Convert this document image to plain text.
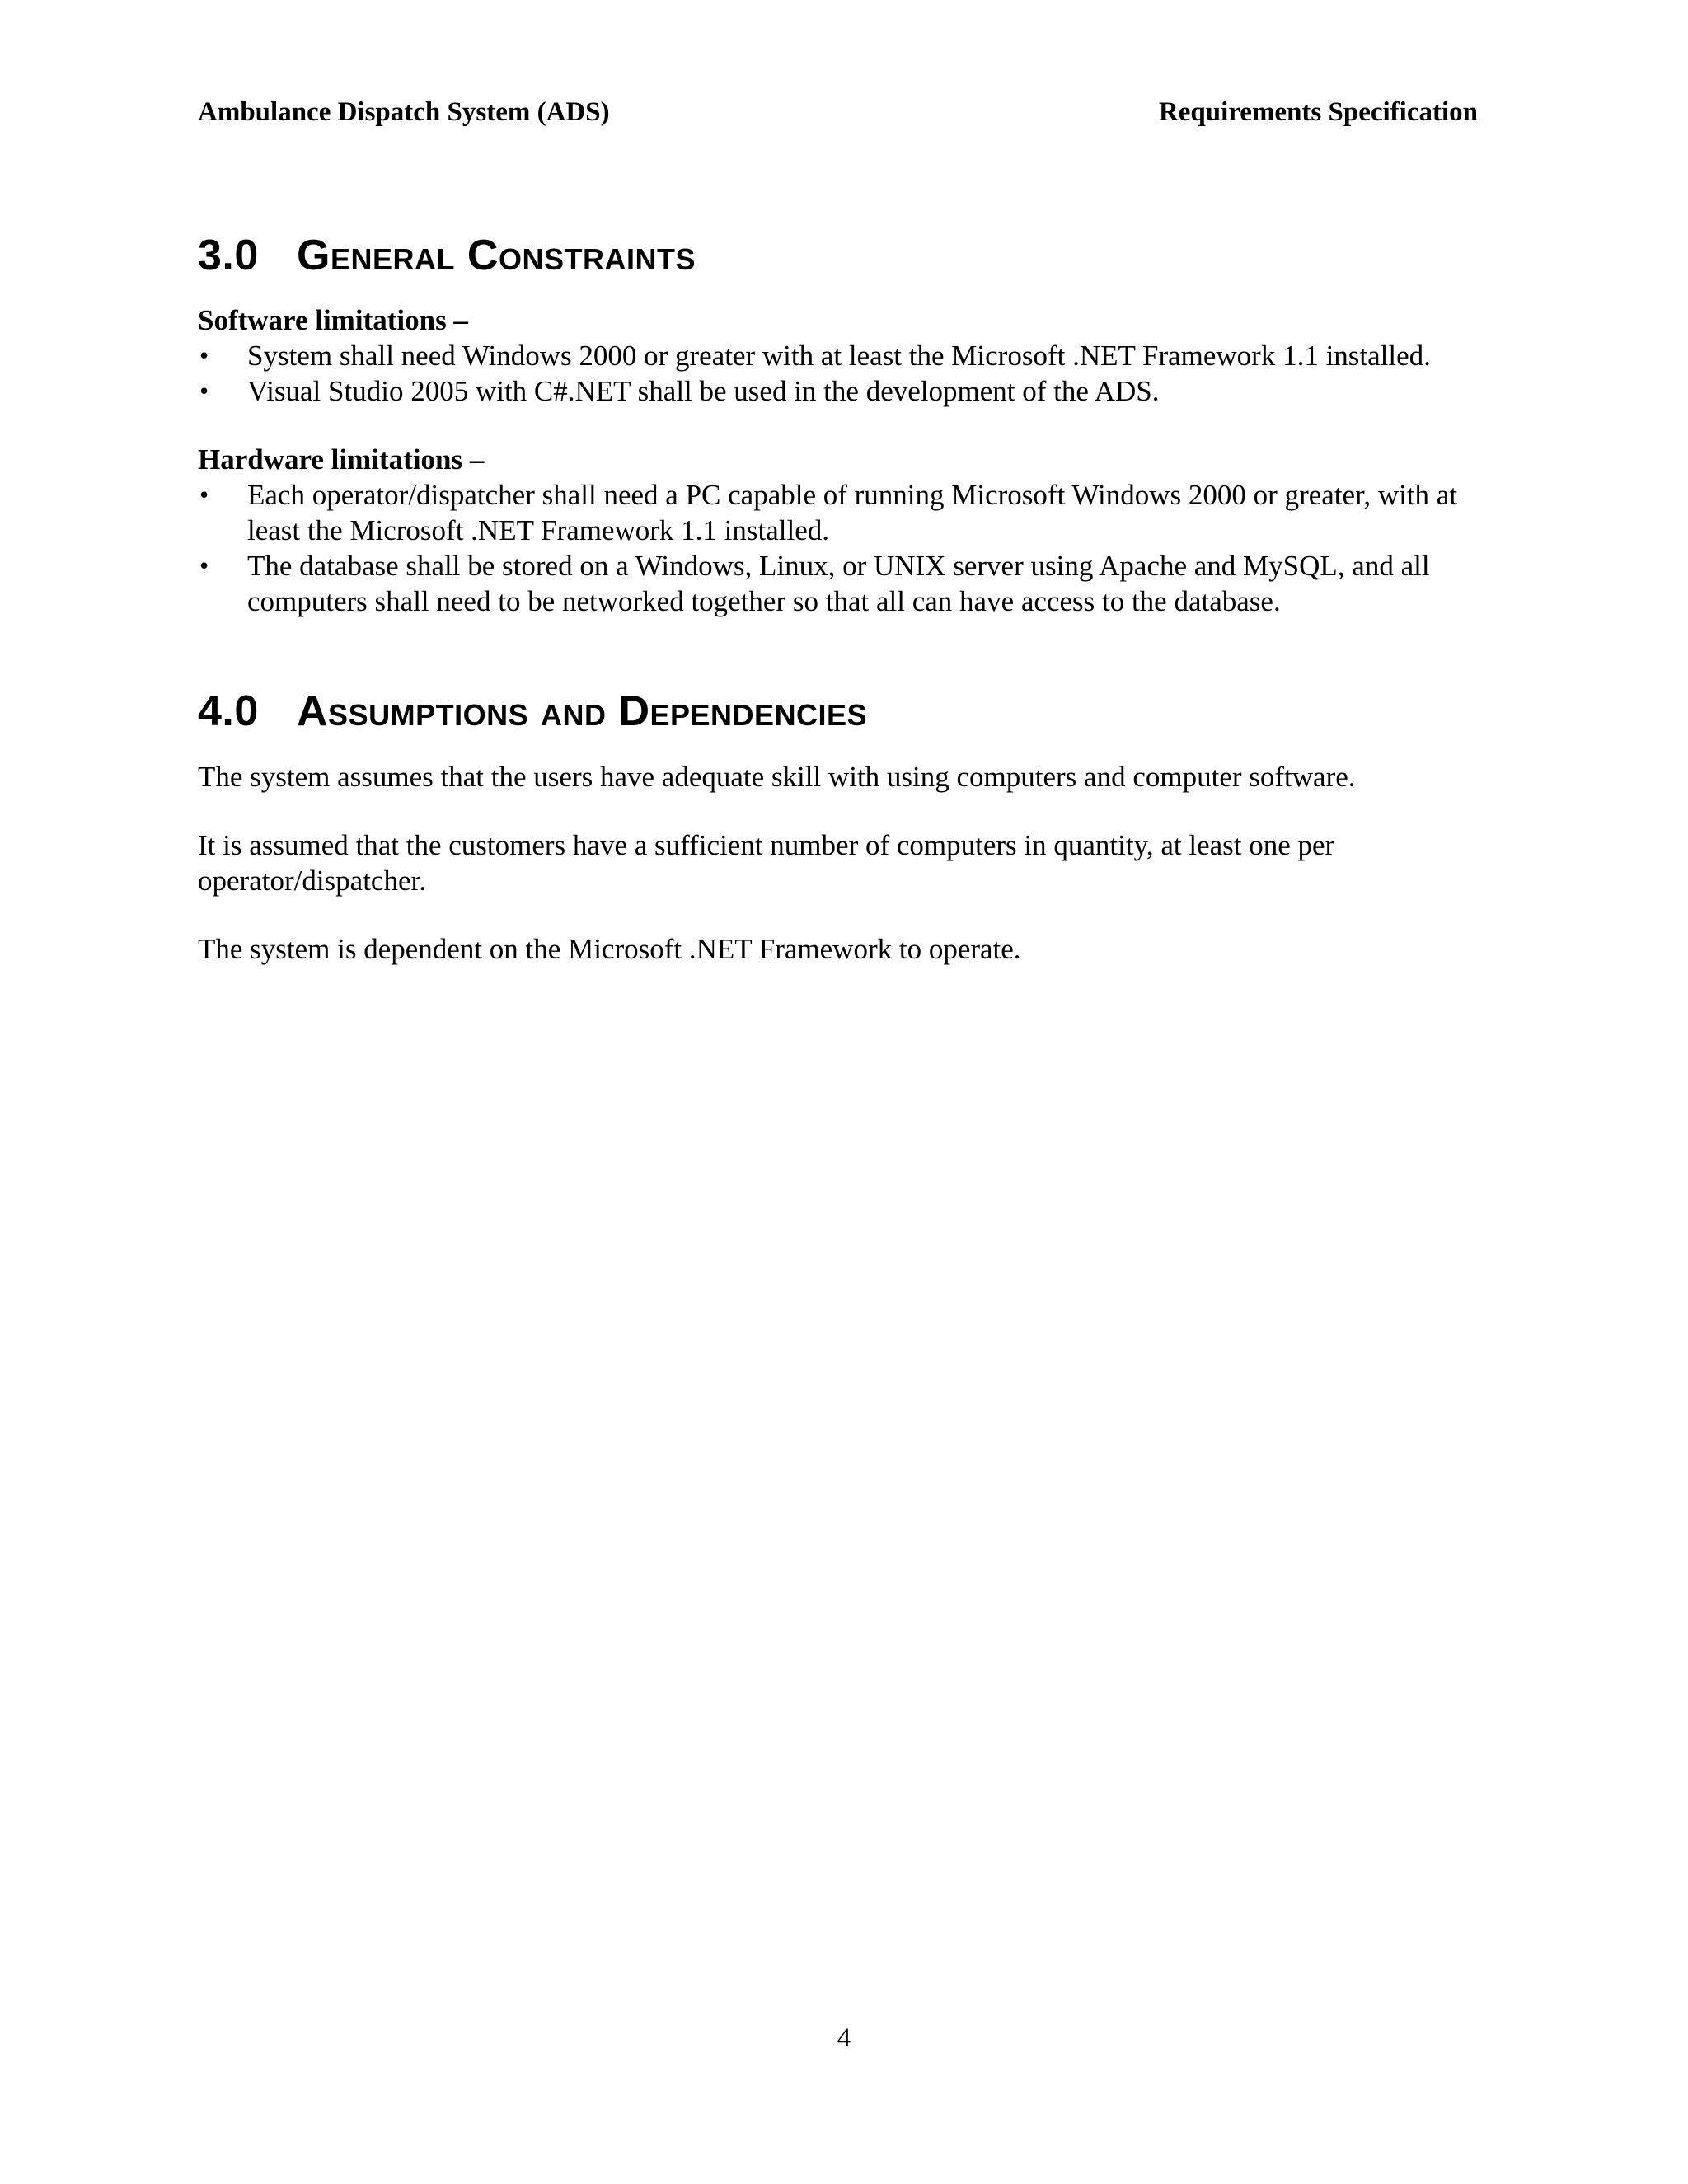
Ambulance Dispatch System (ADS)	Requirements Specification
3.0 General Constraints
Software limitations –
• System shall need Windows 2000 or greater with at least the Microsoft .NET Framework 1.1 installed.
• Visual Studio 2005 with C#.NET shall be used in the development of the ADS.
Hardware limitations –
• Each operator/dispatcher shall need a PC capable of running Microsoft Windows 2000 or greater, with at least the Microsoft .NET Framework 1.1 installed.
• The database shall be stored on a Windows, Linux, or UNIX server using Apache and MySQL, and all computers shall need to be networked together so that all can have access to the database.
4.0 Assumptions and Dependencies

The system assumes that the users have adequate skill with using computers and computer software.

It is assumed that the customers have a sufficient number of computers in quantity, at least one per operator/dispatcher.

The system is dependent on the Microsoft .NET Framework to operate.

4
